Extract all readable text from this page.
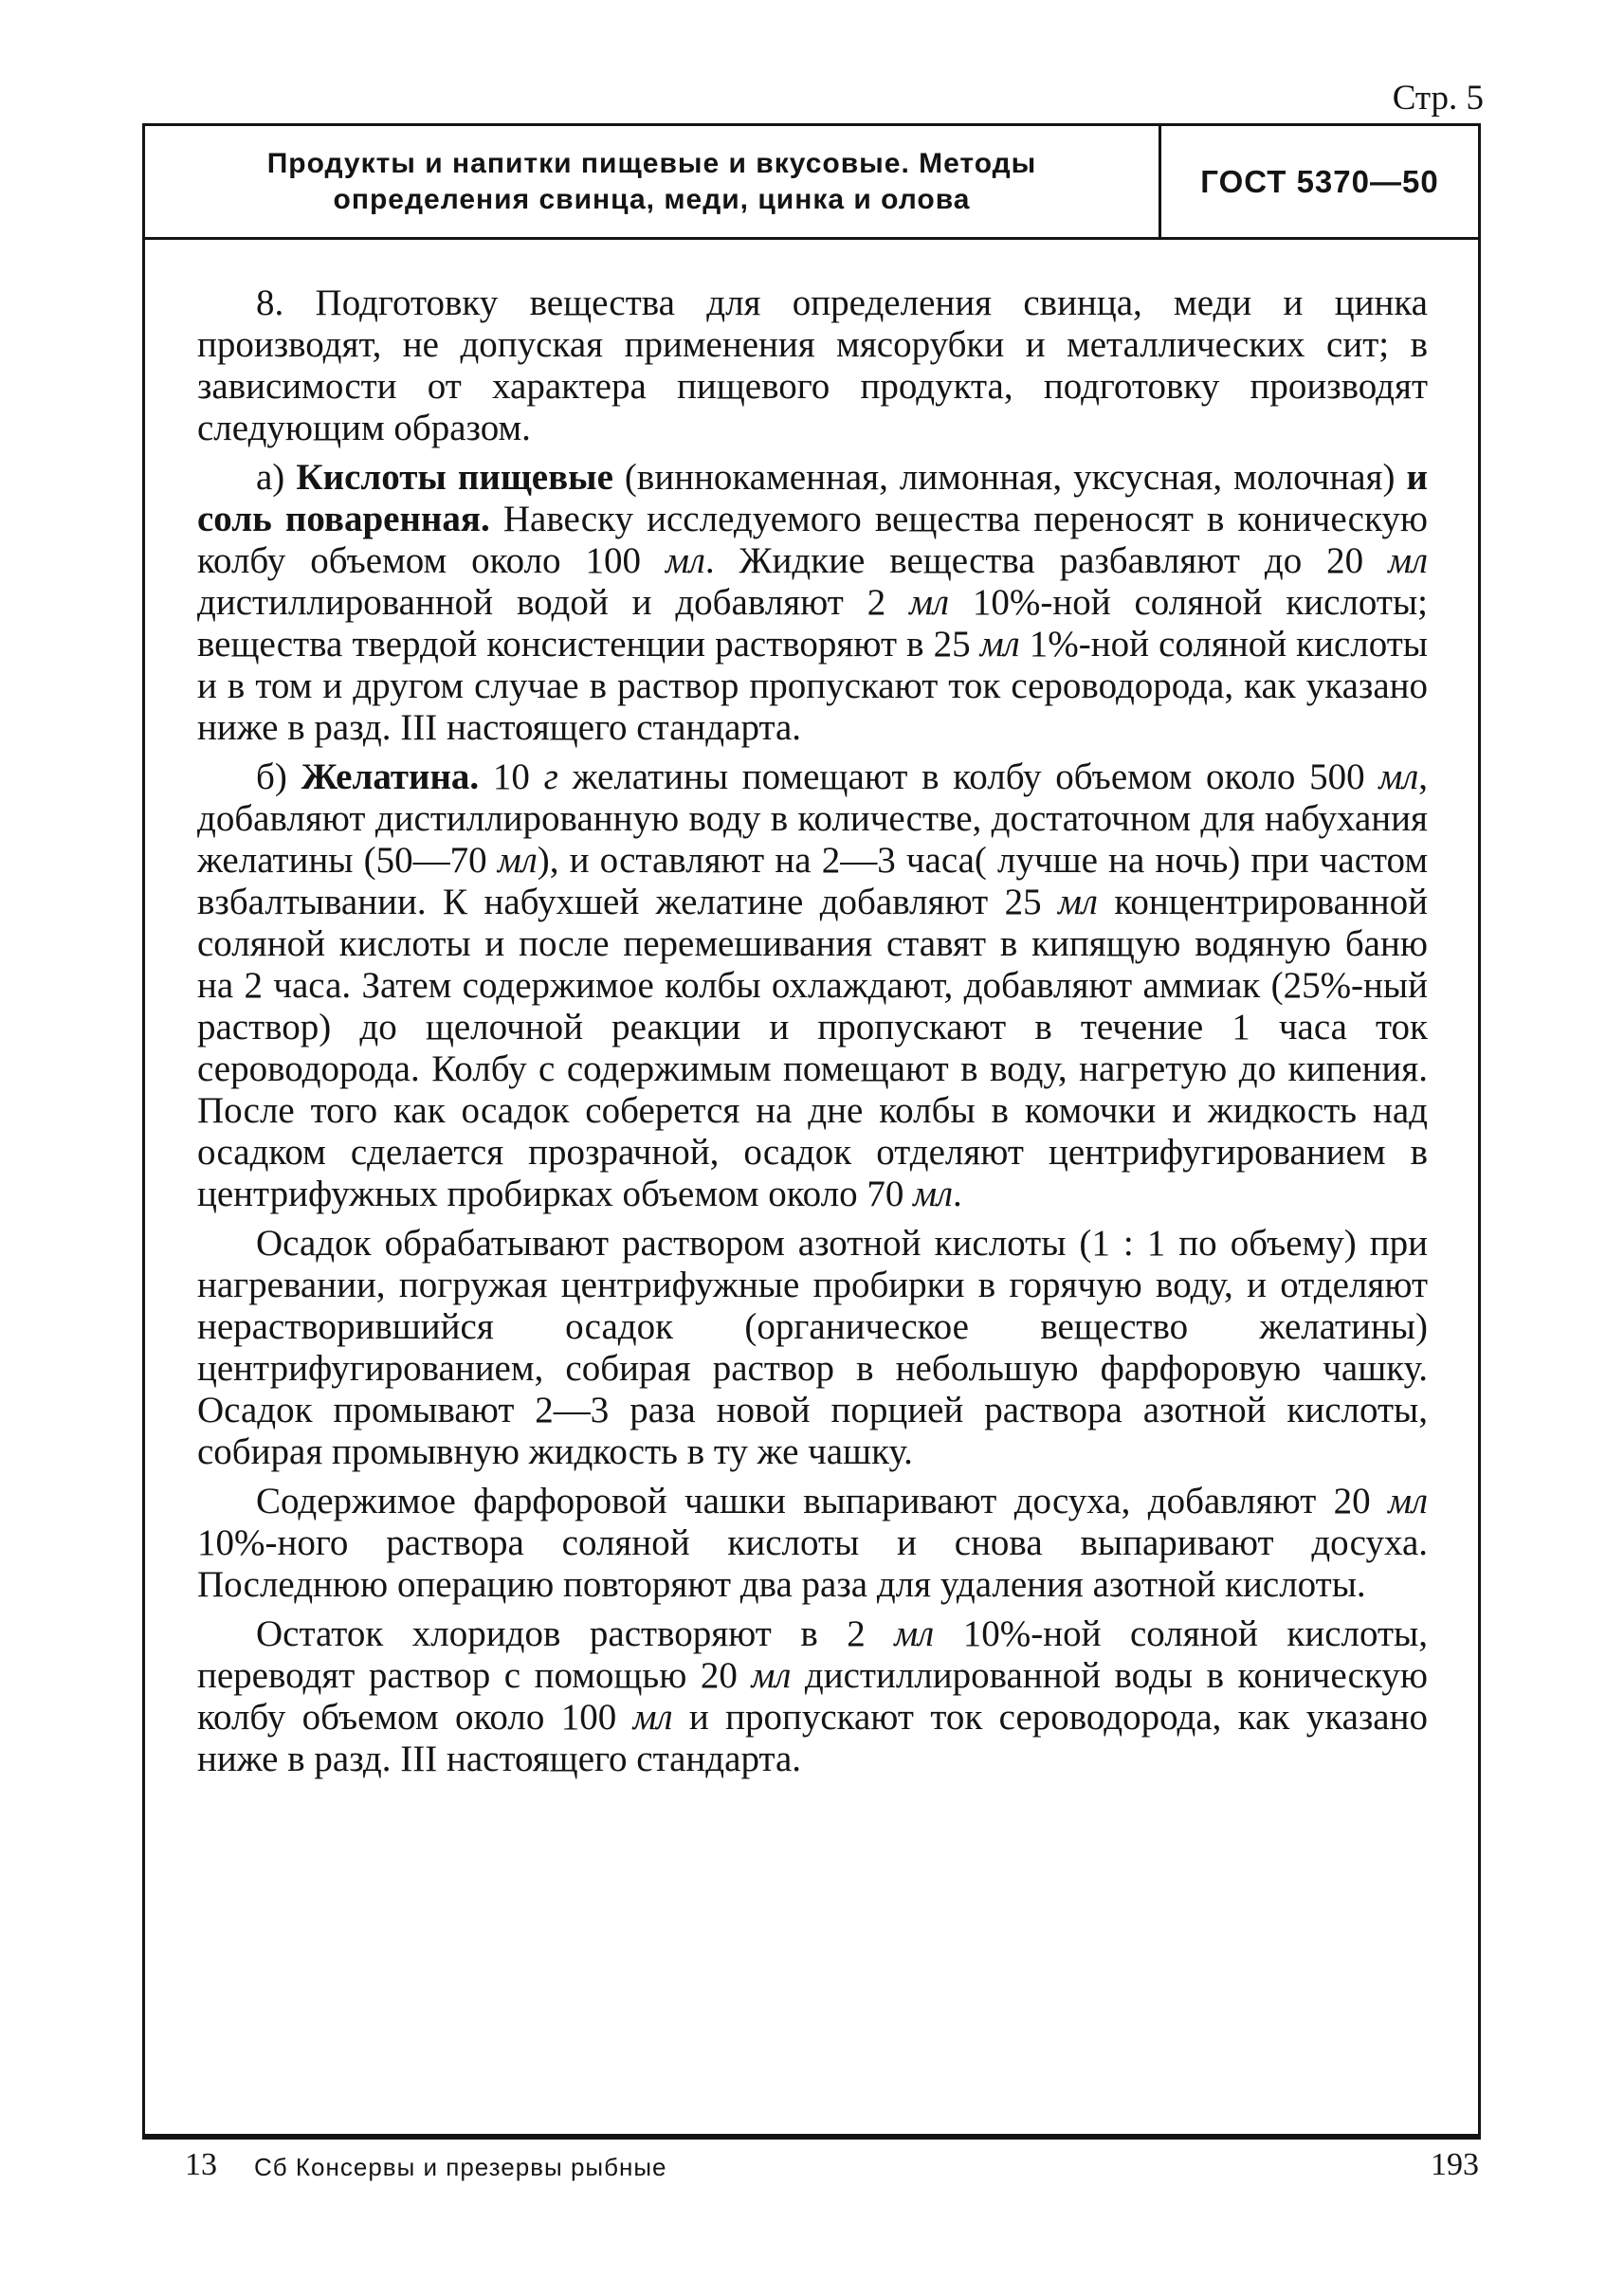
Стр. 5
Продукты и напитки пищевые и вкусовые. Методы
определения свинца, меди, цинка и олова
ГОСТ 5370—50

8. Подготовку вещества для определения свинца, меди и цинка производят, не допуская применения мясорубки и металлических сит; в зависимости от характера пищевого продукта, подготовку производят следующим образом.

а) Кислоты пищевые (виннокаменная, лимонная, уксусная, молочная) и соль поваренная. Навеску исследуемого вещества переносят в коническую колбу объемом около 100 мл. Жидкие вещества разбавляют до 20 мл дистиллированной водой и добавляют 2 мл 10%-ной соляной кислоты; вещества твердой консистенции растворяют в 25 мл 1%-ной соляной кислоты и в том и другом случае в раствор пропускают ток сероводорода, как указано ниже в разд. III настоящего стандарта.

б) Желатина. 10 г желатины помещают в колбу объемом около 500 мл, добавляют дистиллированную воду в количестве, достаточном для набухания желатины (50—70 мл), и оставляют на 2—3 часа( лучше на ночь) при частом взбалтывании. К набухшей желатине добавляют 25 мл концентрированной соляной кислоты и после перемешивания ставят в кипящую водяную баню на 2 часа. Затем содержимое колбы охлаждают, добавляют аммиак (25%-ный раствор) до щелочной реакции и пропускают в течение 1 часа ток сероводорода. Колбу с содержимым помещают в воду, нагретую до кипения. После того как осадок соберется на дне колбы в комочки и жидкость над осадком сделается прозрачной, осадок отделяют центрифугированием в центрифужных пробирках объемом около 70 мл.

Осадок обрабатывают раствором азотной кислоты (1 : 1 по объему) при нагревании, погружая центрифужные пробирки в горячую воду, и отделяют нерастворившийся осадок (органическое вещество желатины) центрифугированием, собирая раствор в небольшую фарфоровую чашку. Осадок промывают 2—3 раза новой порцией раствора азотной кислоты, собирая промывную жидкость в ту же чашку.

Содержимое фарфоровой чашки выпаривают досуха, добавляют 20 мл 10%-ного раствора соляной кислоты и снова выпаривают досуха. Последнюю операцию повторяют два раза для удаления азотной кислоты.

Остаток хлоридов растворяют в 2 мл 10%-ной соляной кислоты, переводят раствор с помощью 20 мл дистиллированной воды в коническую колбу объемом около 100 мл и пропускают ток сероводорода, как указано ниже в разд. III настоящего стандарта.

13 Сб Консервы и презервы рыбные	193
